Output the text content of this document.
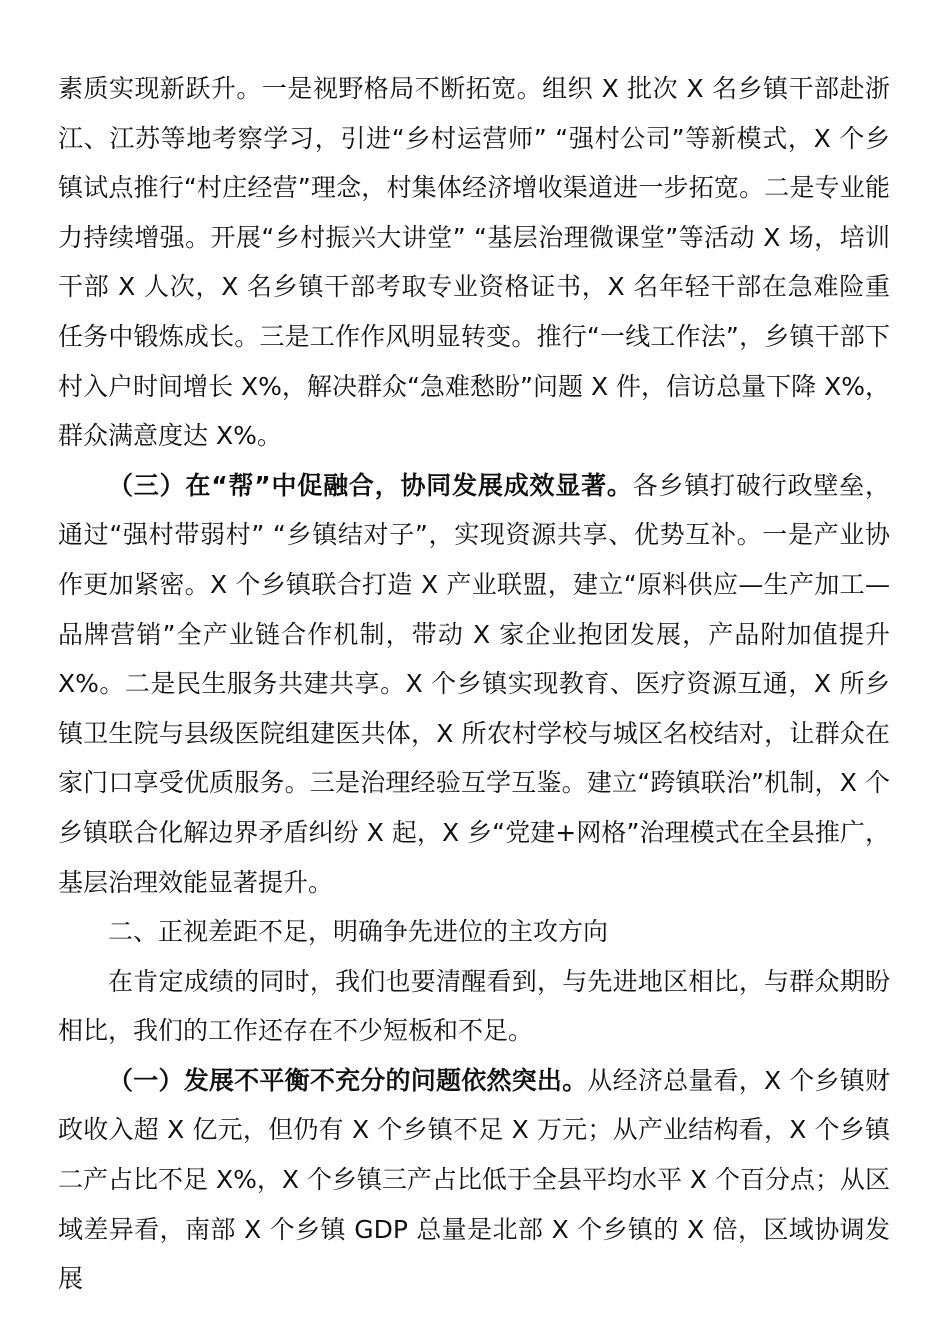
素质实现新跃升。一是视野格局不断拓宽。组织 X 批次 X 名乡镇干部赴浙江、江苏等地考察学习，引进“乡村运营师” “强村公司”等新模式，X 个乡镇试点推行“村庄经营”理念，村集体经济增收渠道进一步拓宽。二是专业能力持续增强。开展“乡村振兴大讲堂” “基层治理微课堂”等活动 X 场，培训干部 X 人次，X 名乡镇干部考取专业资格证书，X 名年轻干部在急难险重任务中锻炼成长。三是工作作风明显转变。推行“一线工作法”，乡镇干部下村入户时间增长 X%，解决群众“急难愁盼”问题 X 件，信访总量下降 X%，群众满意度达 X%。

（三）在“帮”中促融合，协同发展成效显著。各乡镇打破行政壁垒，通过“强村带弱村” “乡镇结对子”，实现资源共享、优势互补。一是产业协作更加紧密。X 个乡镇联合打造 X 产业联盟，建立“原料供应—生产加工—品牌营销”全产业链合作机制，带动 X 家企业抱团发展，产品附加值提升 X%。二是民生服务共建共享。X 个乡镇实现教育、医疗资源互通，X 所乡镇卫生院与县级医院组建医共体，X 所农村学校与城区名校结对，让群众在家门口享受优质服务。三是治理经验互学互鉴。建立“跨镇联治”机制，X 个乡镇联合化解边界矛盾纠纷 X 起，X 乡“党建+网格”治理模式在全县推广，基层治理效能显著提升。

二、正视差距不足，明确争先进位的主攻方向

在肯定成绩的同时，我们也要清醒看到，与先进地区相比，与群众期盼相比，我们的工作还存在不少短板和不足。

（一）发展不平衡不充分的问题依然突出。从经济总量看，X 个乡镇财政收入超 X 亿元，但仍有 X 个乡镇不足 X 万元；从产业结构看，X 个乡镇二产占比不足 X%，X 个乡镇三产占比低于全县平均水平 X 个百分点；从区域差异看，南部 X 个乡镇 GDP 总量是北部 X 个乡镇的 X 倍，区域协调发展
